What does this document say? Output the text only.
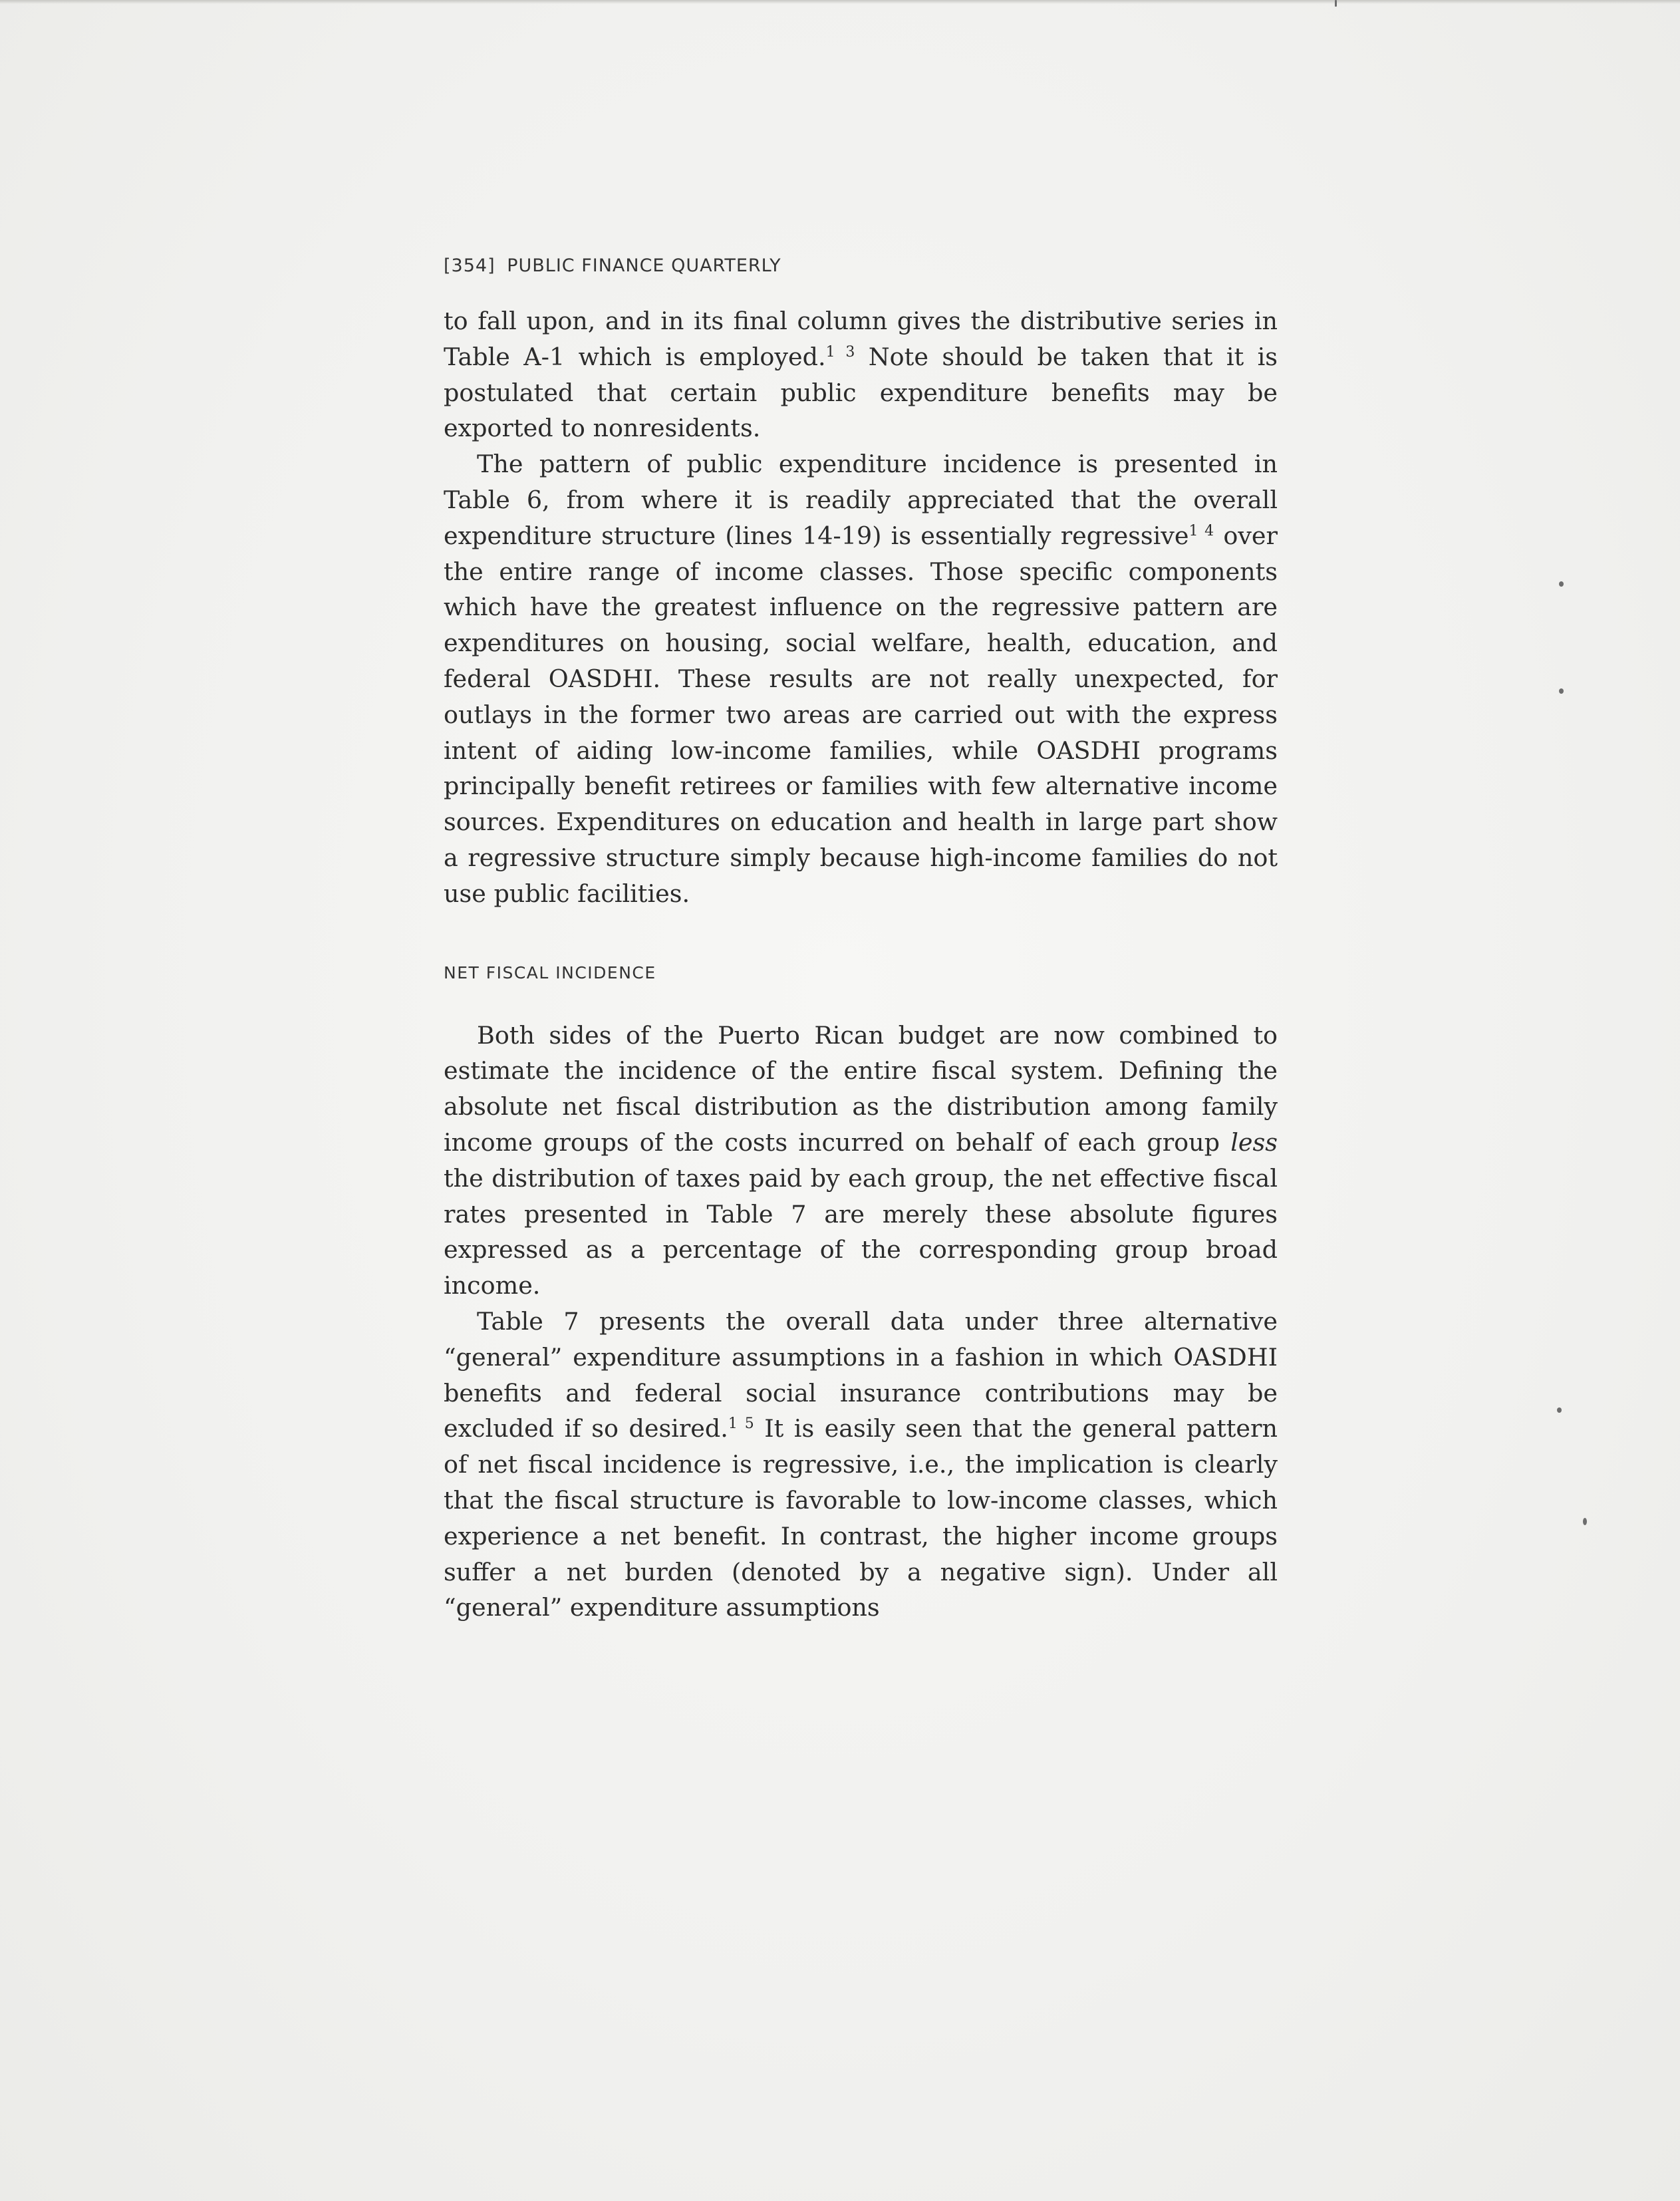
[354] PUBLIC FINANCE QUARTERLY

to fall upon, and in its final column gives the distributive series in Table A-1 which is employed.$^{1 3}$ Note should be taken that it is postulated that certain public expenditure benefits may be exported to nonresidents.

The pattern of public expenditure incidence is presented in Table 6, from where it is readily appreciated that the overall expenditure structure (lines 14-19) is essentially regressive$^{1 4}$ over the entire range of income classes. Those specific components which have the greatest influence on the regressive pattern are expenditures on housing, social welfare, health, education, and federal OASDHI. These results are not really unexpected, for outlays in the former two areas are carried out with the express intent of aiding low-income families, while OASDHI programs principally benefit retirees or families with few alternative income sources. Expenditures on education and health in large part show a regressive structure simply because high-income families do not use public facilities.

NET FISCAL INCIDENCE

Both sides of the Puerto Rican budget are now combined to estimate the incidence of the entire fiscal system. Defining the absolute net fiscal distribution as the distribution among family income groups of the costs incurred on behalf of each group less the distribution of taxes paid by each group, the net effective fiscal rates presented in Table 7 are merely these absolute figures expressed as a percentage of the corresponding group broad income.

Table 7 presents the overall data under three alternative “general” expenditure assumptions in a fashion in which OASDHI benefits and federal social insurance contributions may be excluded if so desired.$^{1 5}$ It is easily seen that the general pattern of net fiscal incidence is regressive, i.e., the implication is clearly that the fiscal structure is favorable to low-income classes, which experience a net benefit. In contrast, the higher income groups suffer a net burden (denoted by a negative sign). Under all “general” expenditure assumptions
